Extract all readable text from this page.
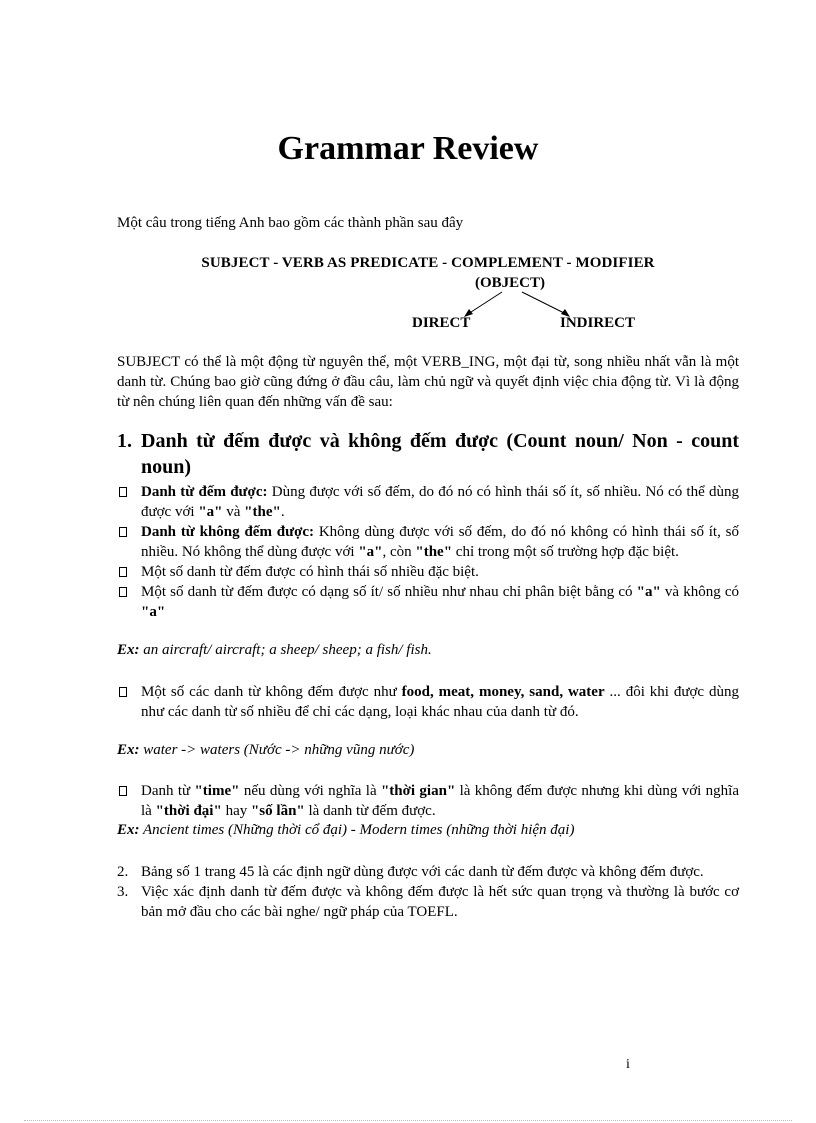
Grammar Review

Một câu trong tiếng Anh bao gồm các thành phần sau đây

SUBJECT - VERB AS PREDICATE - COMPLEMENT - MODIFIER

(OBJECT)

DIRECT	INDIRECT

SUBJECT có thể là một động từ nguyên thể, một VERB_ING, một đại từ, song nhiều nhất vẫn là một danh từ. Chúng bao giờ cũng đứng ở đầu câu, làm chủ ngữ và quyết định việc chia động từ. Vì là động từ nên chúng liên quan đến những vấn đề sau:

1. Danh từ đếm được và không đếm được (Count noun/ Non - count noun)

Danh từ đếm được: Dùng được với số đếm, do đó nó có hình thái số ít, số nhiều. Nó có thể dùng được với "a" và "the".

Danh từ không đếm được: Không dùng được với số đếm, do đó nó không có hình thái số ít, số nhiều. Nó không thể dùng được với "a", còn "the" chỉ trong một số trường hợp đặc biệt.

Một số danh từ đếm được có hình thái số nhiều đặc biệt.

Một số danh từ đếm được có dạng số ít/ số nhiều như nhau chỉ phân biệt bằng có "a" và không có "a"

Ex: an aircraft/ aircraft; a sheep/ sheep; a fish/ fish.

Một số các danh từ không đếm được như food, meat, money, sand, water ... đôi khi được dùng như các danh từ số nhiều để chỉ các dạng, loại khác nhau của danh từ đó.

Ex: water -> waters (Nước -> những vũng nước)

Danh từ "time" nếu dùng với nghĩa là "thời gian" là không đếm được nhưng khi dùng với nghĩa là "thời đại" hay "số lần" là danh từ đếm được.

Ex: Ancient times (Những thời cổ đại) - Modern times (những thời hiện đại)

2. Bảng số 1 trang 45 là các định ngữ dùng được với các danh từ đếm được và không đếm được.

3. Việc xác định danh từ đếm được và không đếm được là hết sức quan trọng và thường là bước cơ bản mở đầu cho các bài nghe/ ngữ pháp của TOEFL.

i
